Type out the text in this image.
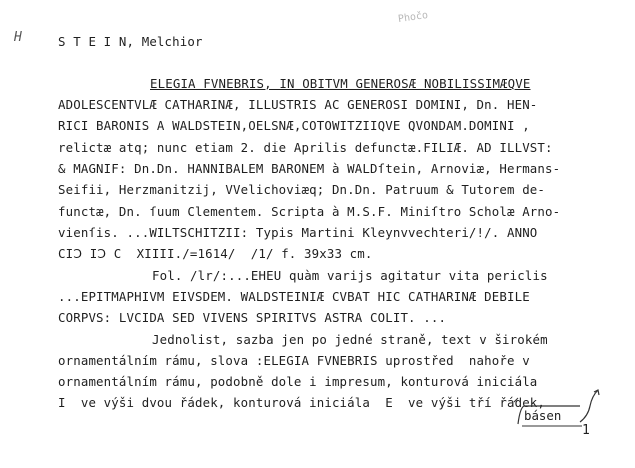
H
Phočo
S T E I N, Melchior
ELEGIA FVNEBRIS, IN OBITVM GENEROSÆ NOBILISSIMÆQVE
ADOLESCENTVLÆ CATHARINÆ, ILLUSTRIS AC GENEROSI DOMINI, Dn. HEN-
RICI BARONIS A WALDSTEIN,OELSNÆ,COTOWITZIIQVE QVONDAM.DOMINI ,
relictæ atq; nunc etiam 2. die Aprilis defunctæ.FILIÆ. AD ILLVST:
& MAGNIF: Dn.Dn. HANNIBALEM BARONEM à WALDſtein, Arnoviæ, Hermans-
Seifii, Herzmanitzij, VVelichoviæq; Dn.Dn. Patruum & Tutorem de-
functæ, Dn. ſuum Clementem. Scripta à M.S.F. Miniſtro Scholæ Arno-
vienſis. ...WILTSCHITZII: Typis Martini Kleynvvechteri/!/. ANNO
CIↃ IↃ C  XIIII./=1614/  /1/ f. 39x33 cm.
Fol. /lr/:...EHEU quàm varijs agitatur vita periclis
...EPITMAPHIVM EIVSDEM. WALDSTEINIÆ CVBAT HIC CATHARINÆ DEBILE
CORPVS: LVCIDA SED VIVENS SPIRITVS ASTRA COLIT. ...
Jednolist, sazba jen po jedné straně, text v širokém
ornamentálním rámu, slova :ELEGIA FVNEBRIS uprostřed  nahoře v
ornamentálním rámu, podobně dole i impresum, konturová iniciála
I  ve výši dvou řádek, konturová iniciála  E  ve výši tří řádek,
básen
1
